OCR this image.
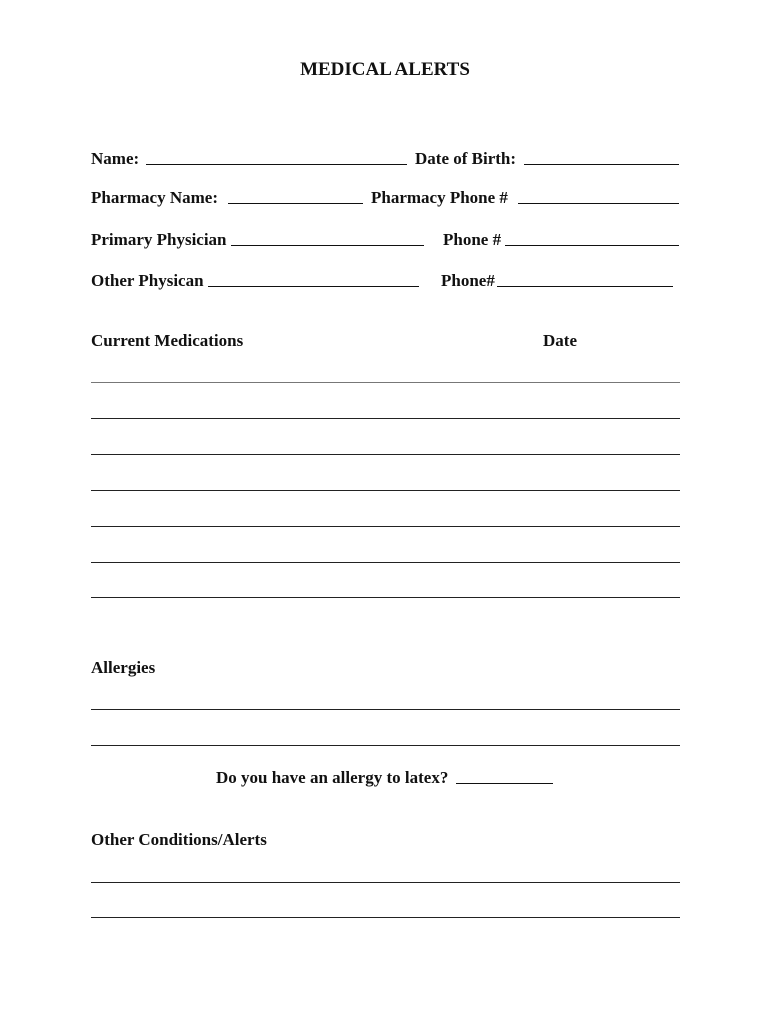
MEDICAL ALERTS
Name:	Date of Birth:
Pharmacy Name:	Pharmacy Phone #
Primary Physician	Phone #
Other Physican	Phone#
Current Medications	Date
Allergies
Do you have an allergy to latex?
Other Conditions/Alerts
